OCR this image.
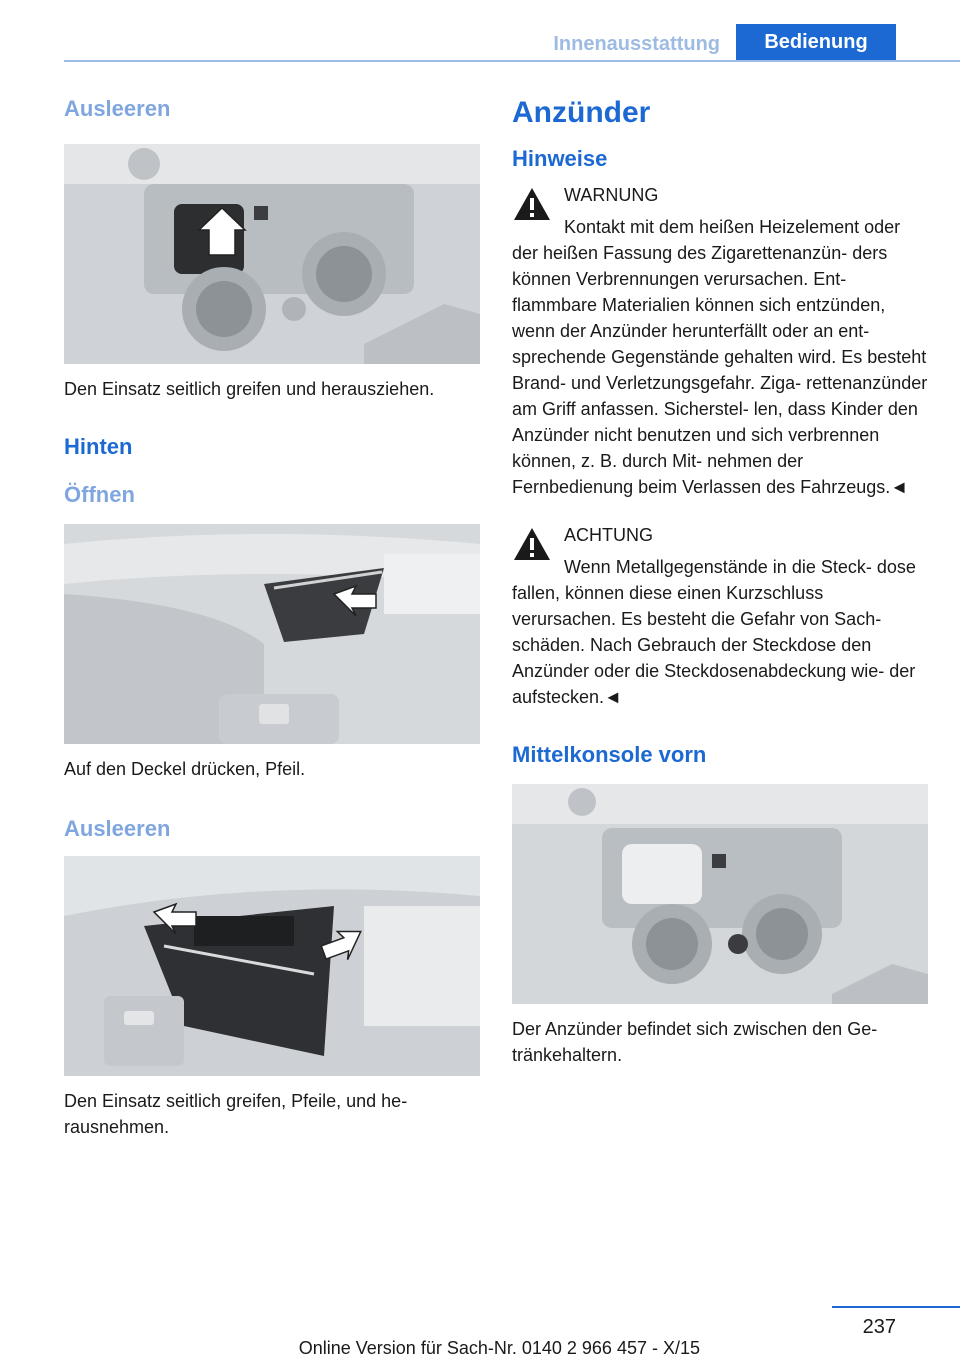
Innenausstattung	Bedienung
Ausleeren
Den Einsatz seitlich greifen und herausziehen.
Hinten
Öffnen
Auf den Deckel drücken, Pfeil.
Ausleeren
Den Einsatz seitlich greifen, Pfeile, und he‐ rausnehmen.
Anzünder
Hinweise
WARNUNG
Kontakt mit dem heißen Heizelement oder der heißen Fassung des Zigarettenanzün‐ ders können Verbrennungen verursachen. Ent‐ flammbare Materialien können sich entzünden, wenn der Anzünder herunterfällt oder an ent‐ sprechende Gegenstände gehalten wird. Es besteht Brand- und Verletzungsgefahr. Ziga‐ rettenanzünder am Griff anfassen. Sicherstel‐ len, dass Kinder den Anzünder nicht benutzen und sich verbrennen können, z. B. durch Mit‐ nehmen der Fernbedienung beim Verlassen des Fahrzeugs.◄
ACHTUNG
Wenn Metallgegenstände in die Steck‐ dose fallen, können diese einen Kurzschluss verursachen. Es besteht die Gefahr von Sach‐ schäden. Nach Gebrauch der Steckdose den Anzünder oder die Steckdosenabdeckung wie‐ der aufstecken.◄
Mittelkonsole vorn
Der Anzünder befindet sich zwischen den Ge‐ tränkehaltern.
237
Online Version für Sach-Nr. 0140 2 966 457 - X/15
